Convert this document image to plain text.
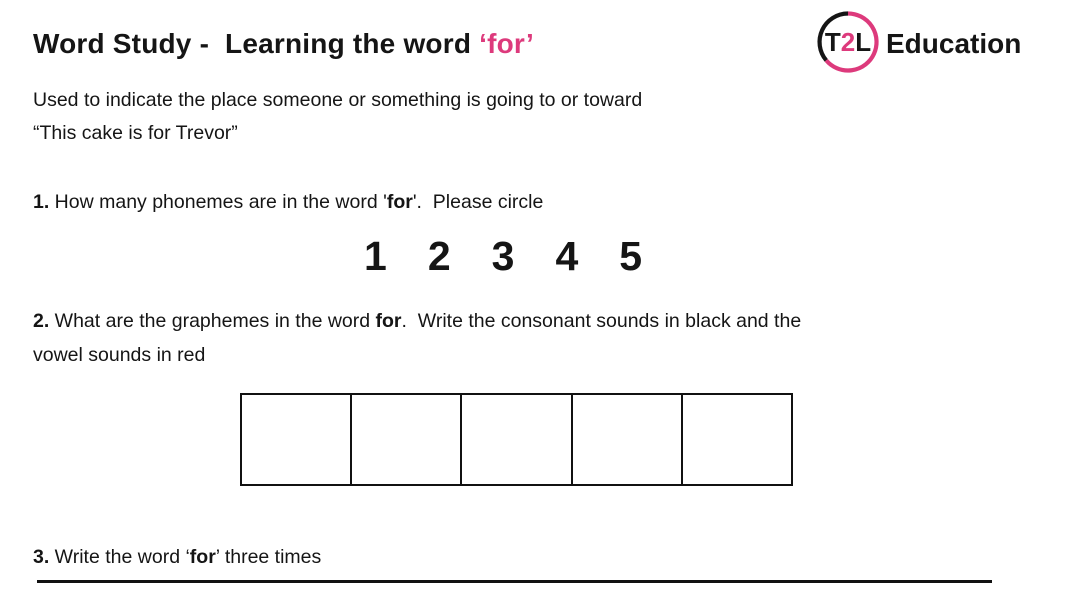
Word Study -  Learning the word ‘for’	T2L Education
Used to indicate the place someone or something is going to or toward
“This cake is for Trevor”
1. How many phonemes are in the word 'for'.  Please circle
1 2 3 4 5
2. What are the graphemes in the word for.  Write the consonant sounds in black and the
vowel sounds in red
3. Write the word ‘for’ three times
